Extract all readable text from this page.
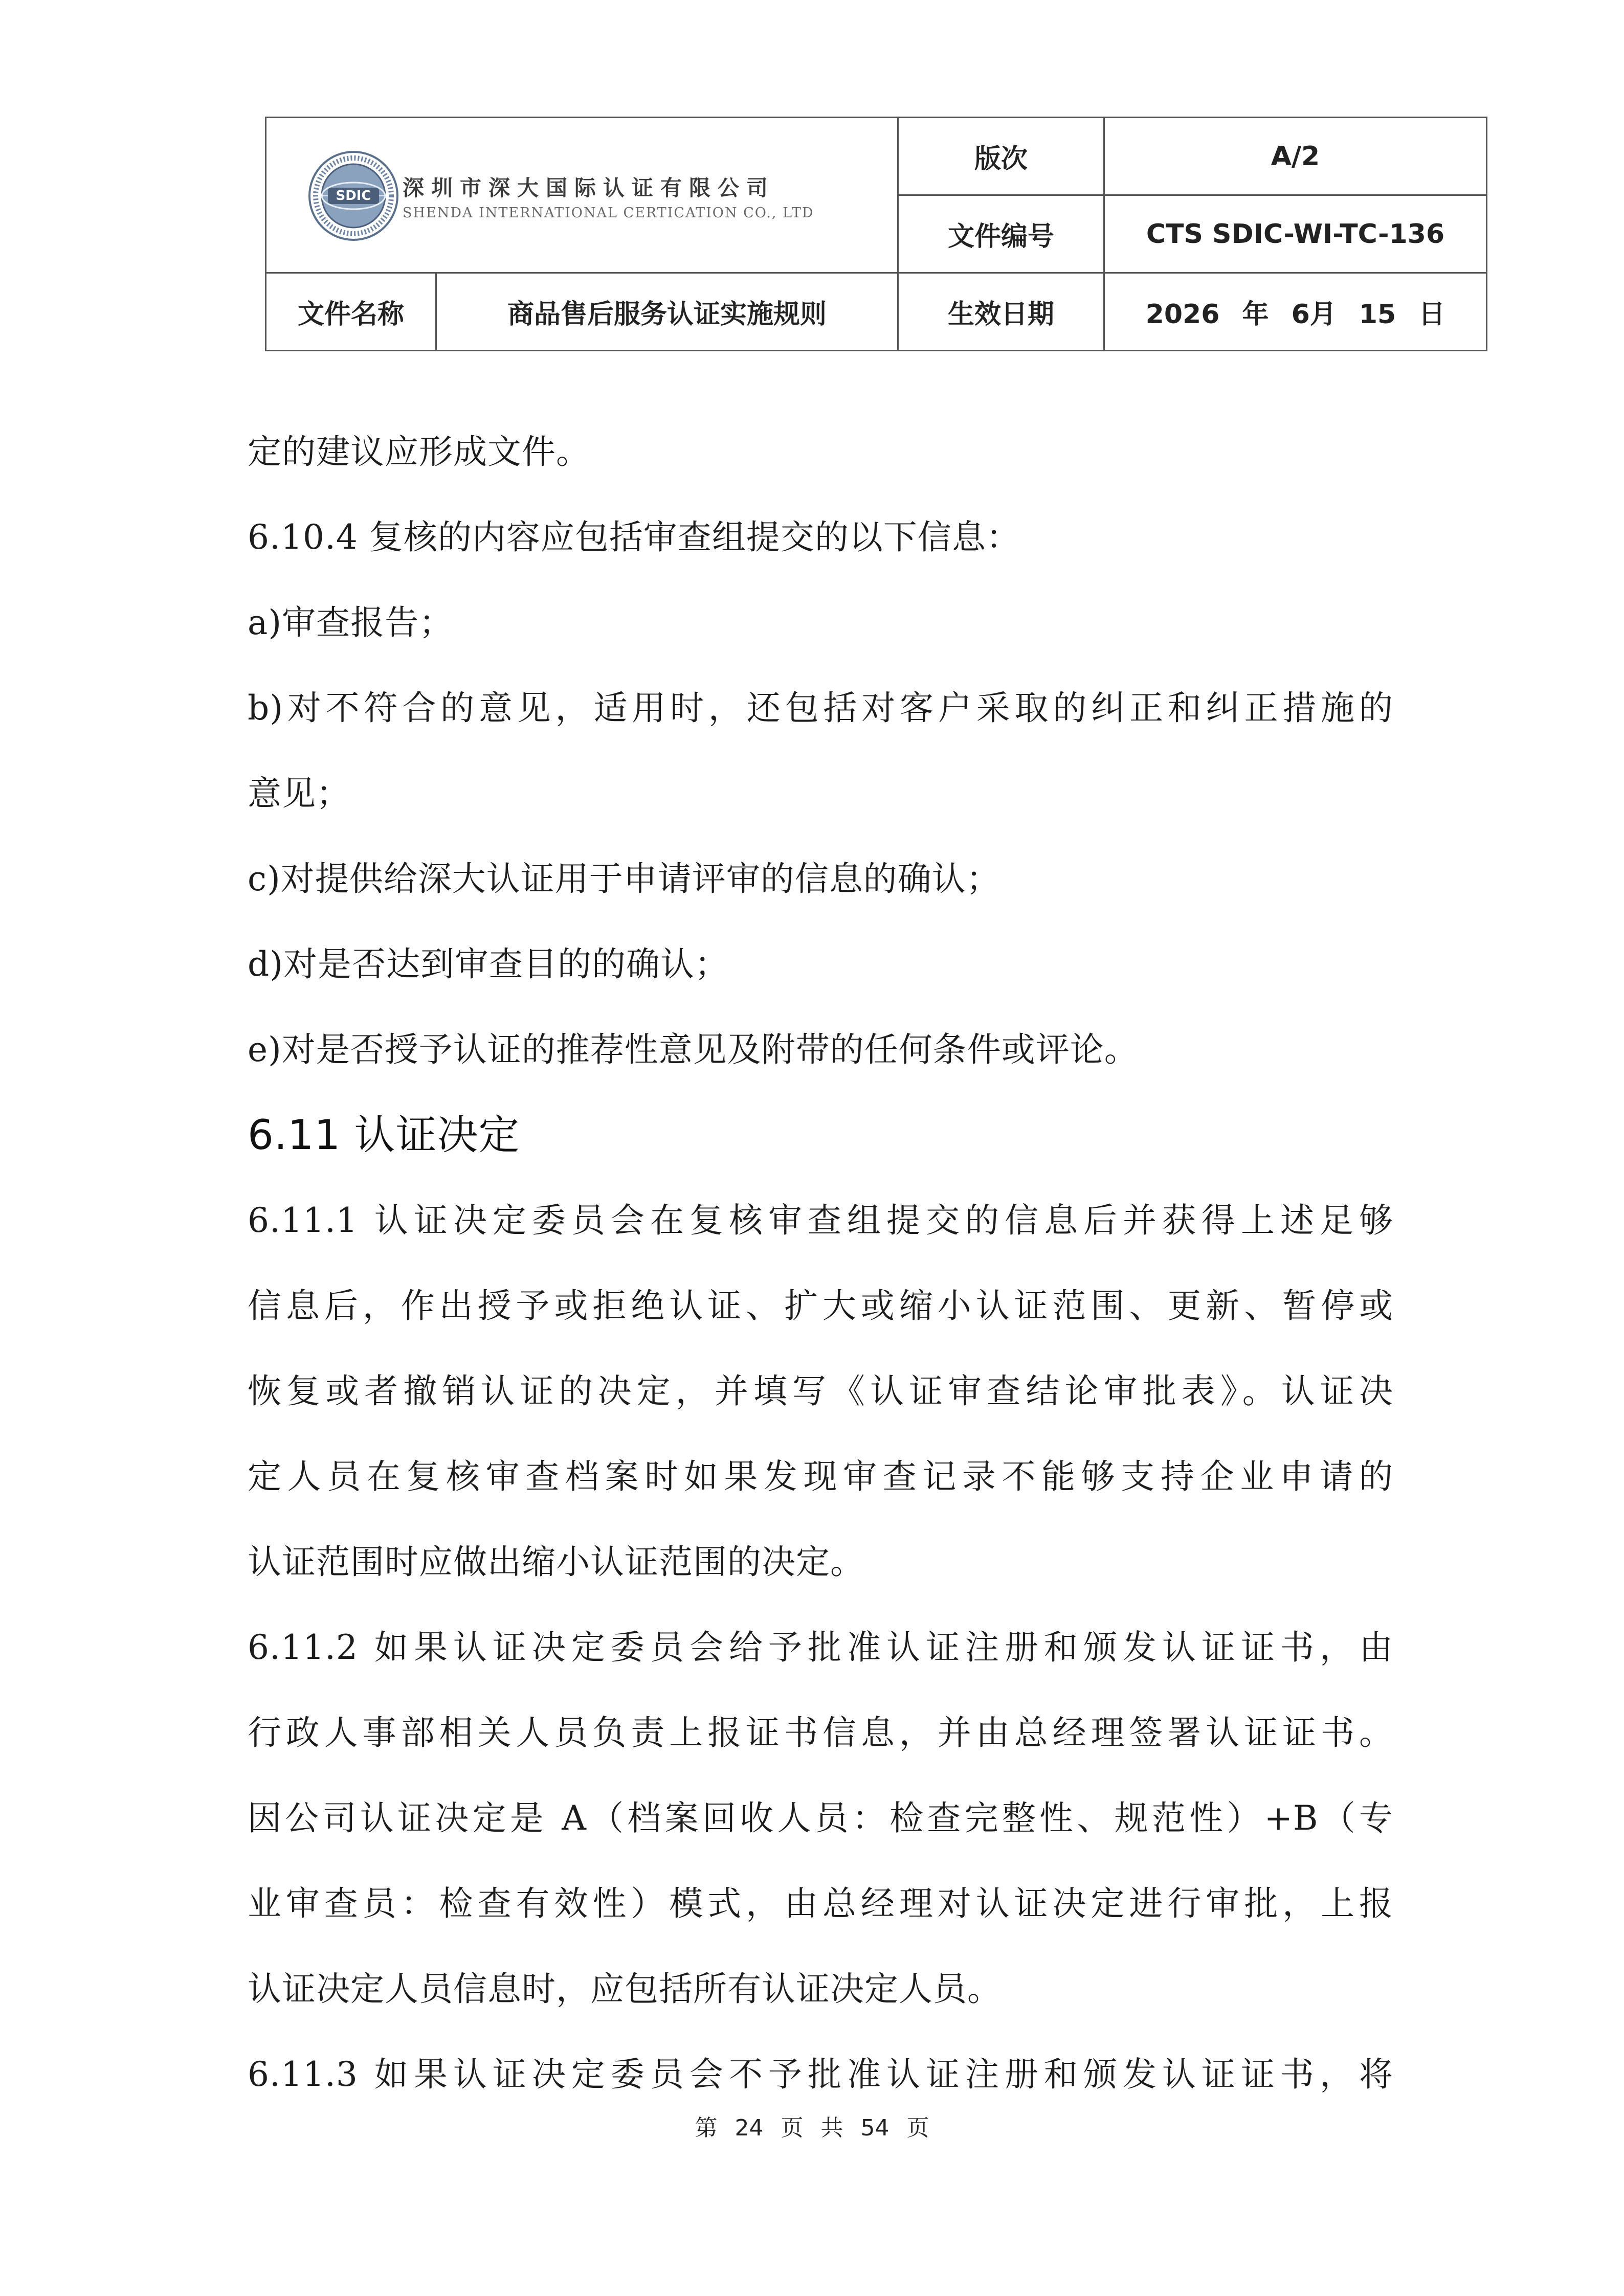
SDIC 深圳市深大国际认证有限公司
SHENDA INTERNATIONAL CERTICATION CO., LTD		版次	A/2
		文件编号	CTS SDIC-WI-TC-136
文件名称	商品售后服务认证实施规则	生效日期	2026 年 6月 15 日
定的建议应形成文件。
6.10.4 复核的内容应包括审查组提交的以下信息：
a)审查报告；
b)对不符合的意见，适用时，还包括对客户采取的纠正和纠正措施的
意见；
c)对提供给深大认证用于申请评审的信息的确认；
d)对是否达到审查目的的确认；
e)对是否授予认证的推荐性意见及附带的任何条件或评论。
6.11 认证决定
6.11.1 认证决定委员会在复核审查组提交的信息后并获得上述足够
信息后，作出授予或拒绝认证、扩大或缩小认证范围、更新、暂停或
恢复或者撤销认证的决定，并填写《认证审查结论审批表》。认证决
定人员在复核审查档案时如果发现审查记录不能够支持企业申请的
认证范围时应做出缩小认证范围的决定。
6.11.2 如果认证决定委员会给予批准认证注册和颁发认证证书，由
行政人事部相关人员负责上报证书信息，并由总经理签署认证证书。
因公司认证决定是 A（档案回收人员：检查完整性、规范性）+B（专
业审查员：检查有效性）模式，由总经理对认证决定进行审批，上报
认证决定人员信息时，应包括所有认证决定人员。
6.11.3 如果认证决定委员会不予批准认证注册和颁发认证证书，将
第 24 页 共 54 页
